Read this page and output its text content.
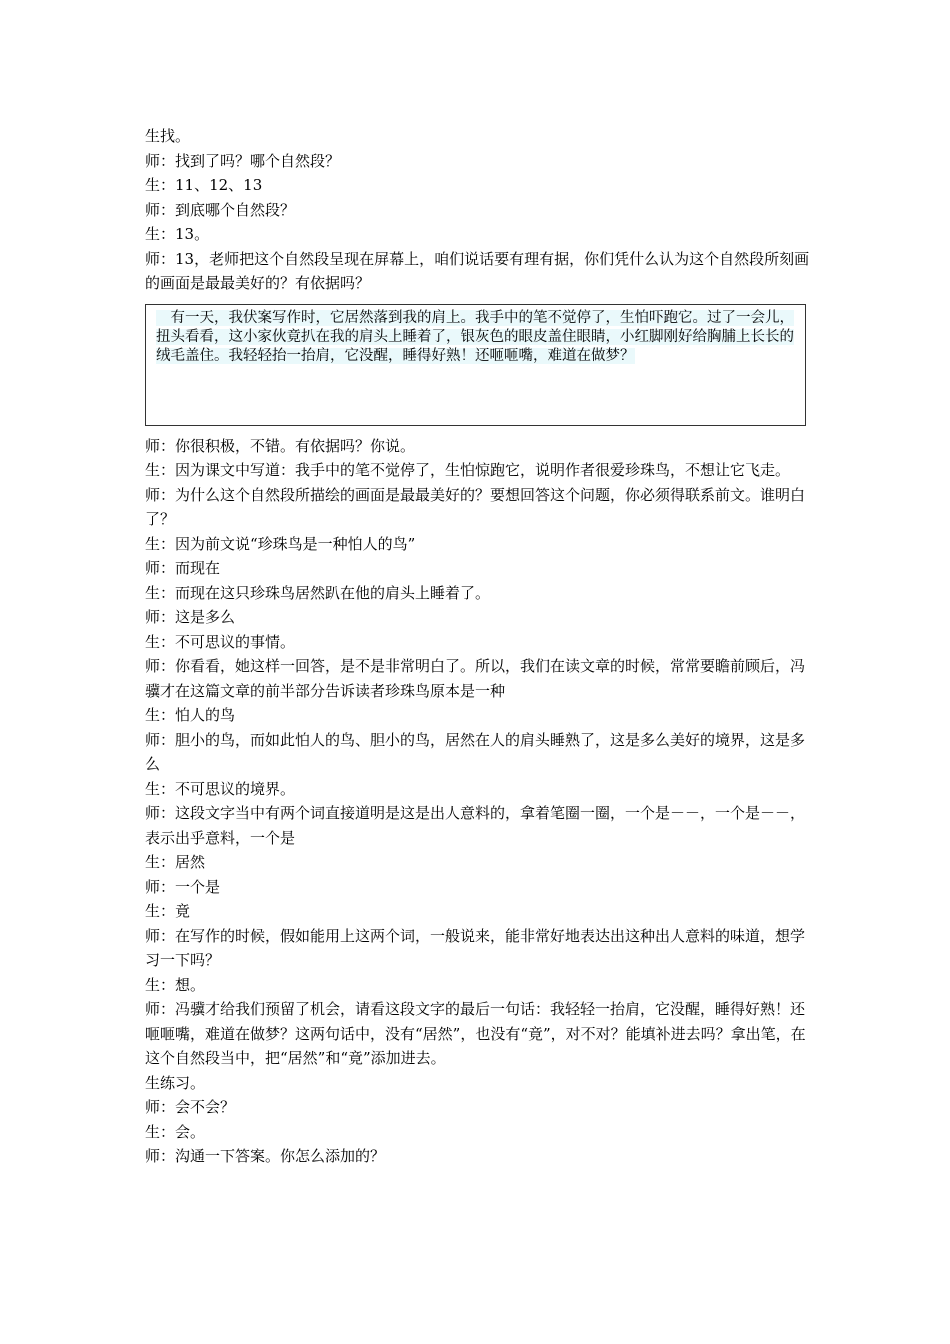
生找。
师：找到了吗？哪个自然段？
生：11、12、13
师：到底哪个自然段？
生：13。
师：13，老师把这个自然段呈现在屏幕上，咱们说话要有理有据，你们凭什么认为这个自然段所刻画的画面是最最美好的？有依据吗？
　有一天，我伏案写作时，它居然落到我的肩上。我手中的笔不觉停了，生怕吓跑它。过了一会儿，扭头看看，这小家伙竟扒在我的肩头上睡着了，银灰色的眼皮盖住眼睛，小红脚刚好给胸脯上长长的绒毛盖住。我轻轻抬一抬肩，它没醒，睡得好熟！还咂咂嘴，难道在做梦？
师：你很积极，不错。有依据吗？你说。
生：因为课文中写道：我手中的笔不觉停了，生怕惊跑它，说明作者很爱珍珠鸟，不想让它飞走。
师：为什么这个自然段所描绘的画面是最最美好的？要想回答这个问题，你必须得联系前文。谁明白了？
生：因为前文说“珍珠鸟是一种怕人的鸟”
师：而现在
生：而现在这只珍珠鸟居然趴在他的肩头上睡着了。
师：这是多么
生：不可思议的事情。
师：你看看，她这样一回答，是不是非常明白了。所以，我们在读文章的时候，常常要瞻前顾后，冯骥才在这篇文章的前半部分告诉读者珍珠鸟原本是一种
生：怕人的鸟
师：胆小的鸟，而如此怕人的鸟、胆小的鸟，居然在人的肩头睡熟了，这是多么美好的境界，这是多么
生：不可思议的境界。
师：这段文字当中有两个词直接道明是这是出人意料的，拿着笔圈一圈，一个是－－，一个是－－，表示出乎意料，一个是
生：居然
师：一个是
生：竟
师：在写作的时候，假如能用上这两个词，一般说来，能非常好地表达出这种出人意料的味道，想学习一下吗？
生：想。
师：冯骥才给我们预留了机会，请看这段文字的最后一句话：我轻轻一抬肩，它没醒，睡得好熟！还咂咂嘴，难道在做梦？这两句话中，没有“居然”，也没有“竟”，对不对？能填补进去吗？拿出笔，在这个自然段当中，把“居然”和“竟”添加进去。
生练习。
师：会不会？
生：会。
师：沟通一下答案。你怎么添加的？
